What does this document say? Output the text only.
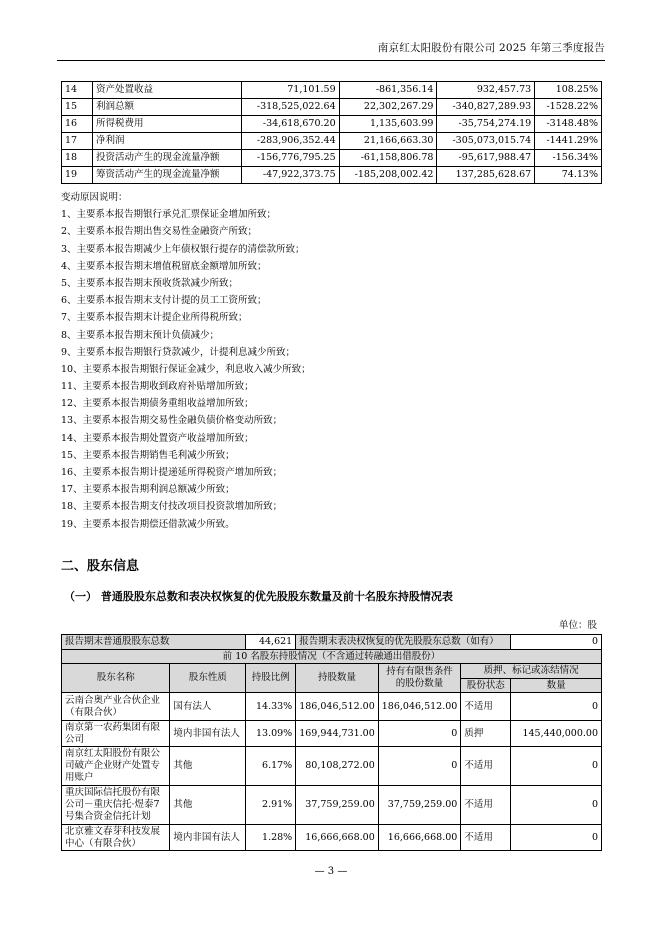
南京红太阳股份有限公司 2025 年第三季度报告
14	资产处置收益	71,101.59	-861,356.14	932,457.73	108.25%
15	利润总额	-318,525,022.64	22,302,267.29	-340,827,289.93	-1528.22%
16	所得税费用	-34,618,670.20	1,135,603.99	-35,754,274.19	-3148.48%
17	净利润	-283,906,352.44	21,166,663.30	-305,073,015.74	-1441.29%
18	投资活动产生的现金流量净额	-156,776,795.25	-61,158,806.78	-95,617,988.47	-156.34%
19	筹资活动产生的现金流量净额	-47,922,373.75	-185,208,002.42	137,285,628.67	74.13%
变动原因说明：
1、主要系本报告期银行承兑汇票保证金增加所致；
2、主要系本报告期出售交易性金融资产所致；
3、主要系本报告期减少上年债权银行提存的清偿款所致；
4、主要系本报告期末增值税留底金额增加所致；
5、主要系本报告期末预收货款减少所致；
6、主要系本报告期末支付计提的员工工资所致；
7、主要系本报告期末计提企业所得税所致；
8、主要系本报告期末预计负债减少；
9、主要系本报告期银行贷款减少，计提利息减少所致；
10、主要系本报告期银行保证金减少，利息收入减少所致；
11、主要系本报告期收到政府补贴增加所致；
12、主要系本报告期债务重组收益增加所致；
13、主要系本报告期交易性金融负债价格变动所致；
14、主要系本报告期处置资产收益增加所致；
15、主要系本报告期销售毛利减少所致；
16、主要系本报告期计提递延所得税资产增加所致；
17、主要系本报告期利润总额减少所致；
18、主要系本报告期支付技改项目投资款增加所致；
19、主要系本报告期偿还借款减少所致。
二、股东信息
（一） 普通股股东总数和表决权恢复的优先股股东数量及前十名股东持股情况表
单位：股
报告期末普通股股东总数		44,621	报告期末表决权恢复的优先股股东总数（如有）			0
前 10 名股东持股情况（不含通过转融通出借股份）						
股东名称	股东性质	持股比例	持股数量	持有有限售条件的股份数量	质押、标记或冻结情况	
					股份状态	数量
云南合奥产业合伙企业（有限合伙）	国有法人	14.33%	186,046,512.00	186,046,512.00	不适用	0
南京第一农药集团有限公司	境内非国有法人	13.09%	169,944,731.00	0	质押	145,440,000.00
南京红太阳股份有限公司破产企业财产处置专用账户	其他	6.17%	80,108,272.00	0	不适用	0
重庆国际信托股份有限公司－重庆信托·煜泰7号集合资金信托计划	其他	2.91%	37,759,259.00	37,759,259.00	不适用	0
北京雅文春芽科技发展中心（有限合伙）	境内非国有法人	1.28%	16,666,668.00	16,666,668.00	不适用	0
— 3 —
